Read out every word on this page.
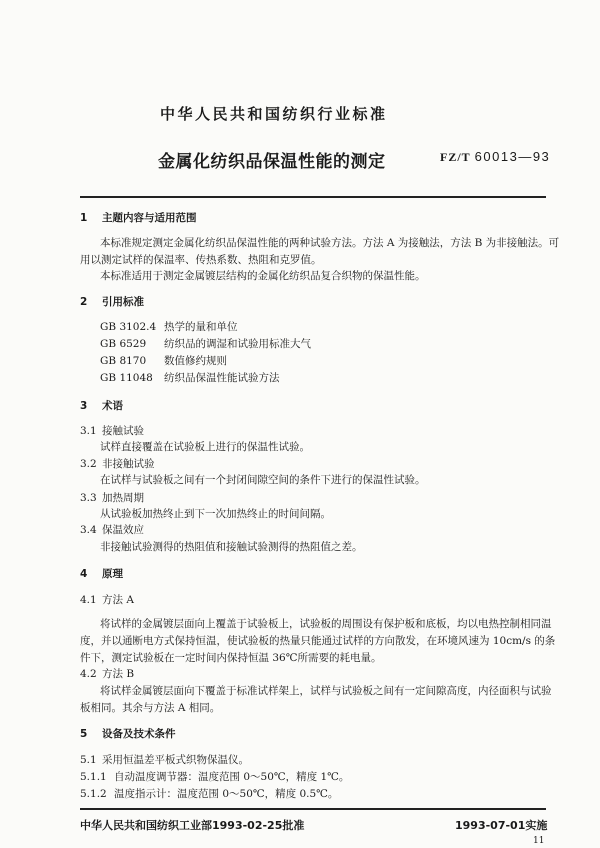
中华人民共和国纺织行业标准
金属化纺织品保温性能的测定	FZ/T 60013—93
1 主题内容与适用范围
本标准规定测定金属化纺织品保温性能的两种试验方法。方法 A 为接触法，方法 B 为非接触法。可
用以测定试样的保温率、传热系数、热阻和克罗值。
本标准适用于测定金属镀层结构的金属化纺织品复合织物的保温性能。
2 引用标准
GB 3102.4 热学的量和单位
GB 6529 纺织品的调湿和试验用标准大气
GB 8170 数值修约规则
GB 11048 纺织品保温性能试验方法
3 术语
3.1 接触试验
试样直接覆盖在试验板上进行的保温性试验。
3.2 非接触试验
在试样与试验板之间有一个封闭间隙空间的条件下进行的保温性试验。
3.3 加热周期
从试验板加热终止到下一次加热终止的时间间隔。
3.4 保温效应
非接触试验测得的热阻值和接触试验测得的热阻值之差。
4 原理
4.1 方法 A
将试样的金属镀层面向上覆盖于试验板上，试验板的周围设有保护板和底板，均以电热控制相同温
度，并以通断电方式保持恒温，使试验板的热量只能通过试样的方向散发，在环境风速为 10cm/s 的条
件下，测定试验板在一定时间内保持恒温 36℃所需要的耗电量。
4.2 方法 B
将试样金属镀层面向下覆盖于标准试样架上，试样与试验板之间有一定间隙高度，内径面积与试验
板相同。其余与方法 A 相同。
5 设备及技术条件
5.1 采用恒温差平板式织物保温仪。
5.1.1 自动温度调节器：温度范围 0～50℃，精度 1℃。
5.1.2 温度指示计：温度范围 0～50℃，精度 0.5℃。
中华人民共和国纺织工业部1993-02-25批准	1993-07-01实施
11
